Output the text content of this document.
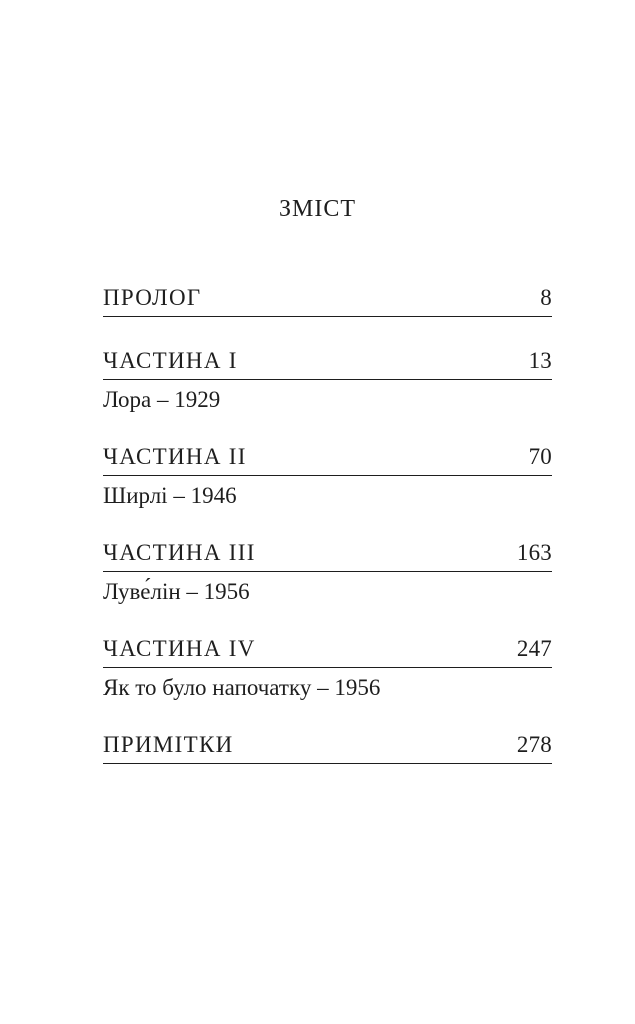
ЗМІСТ
ПРОЛОГ	8
ЧАСТИНА I	13
Лора – 1929
ЧАСТИНА II	70
Ширлі – 1946
ЧАСТИНА III	163
Луве́лін – 1956
ЧАСТИНА IV	247
Як то було напочатку – 1956
ПРИМІТКИ	278
